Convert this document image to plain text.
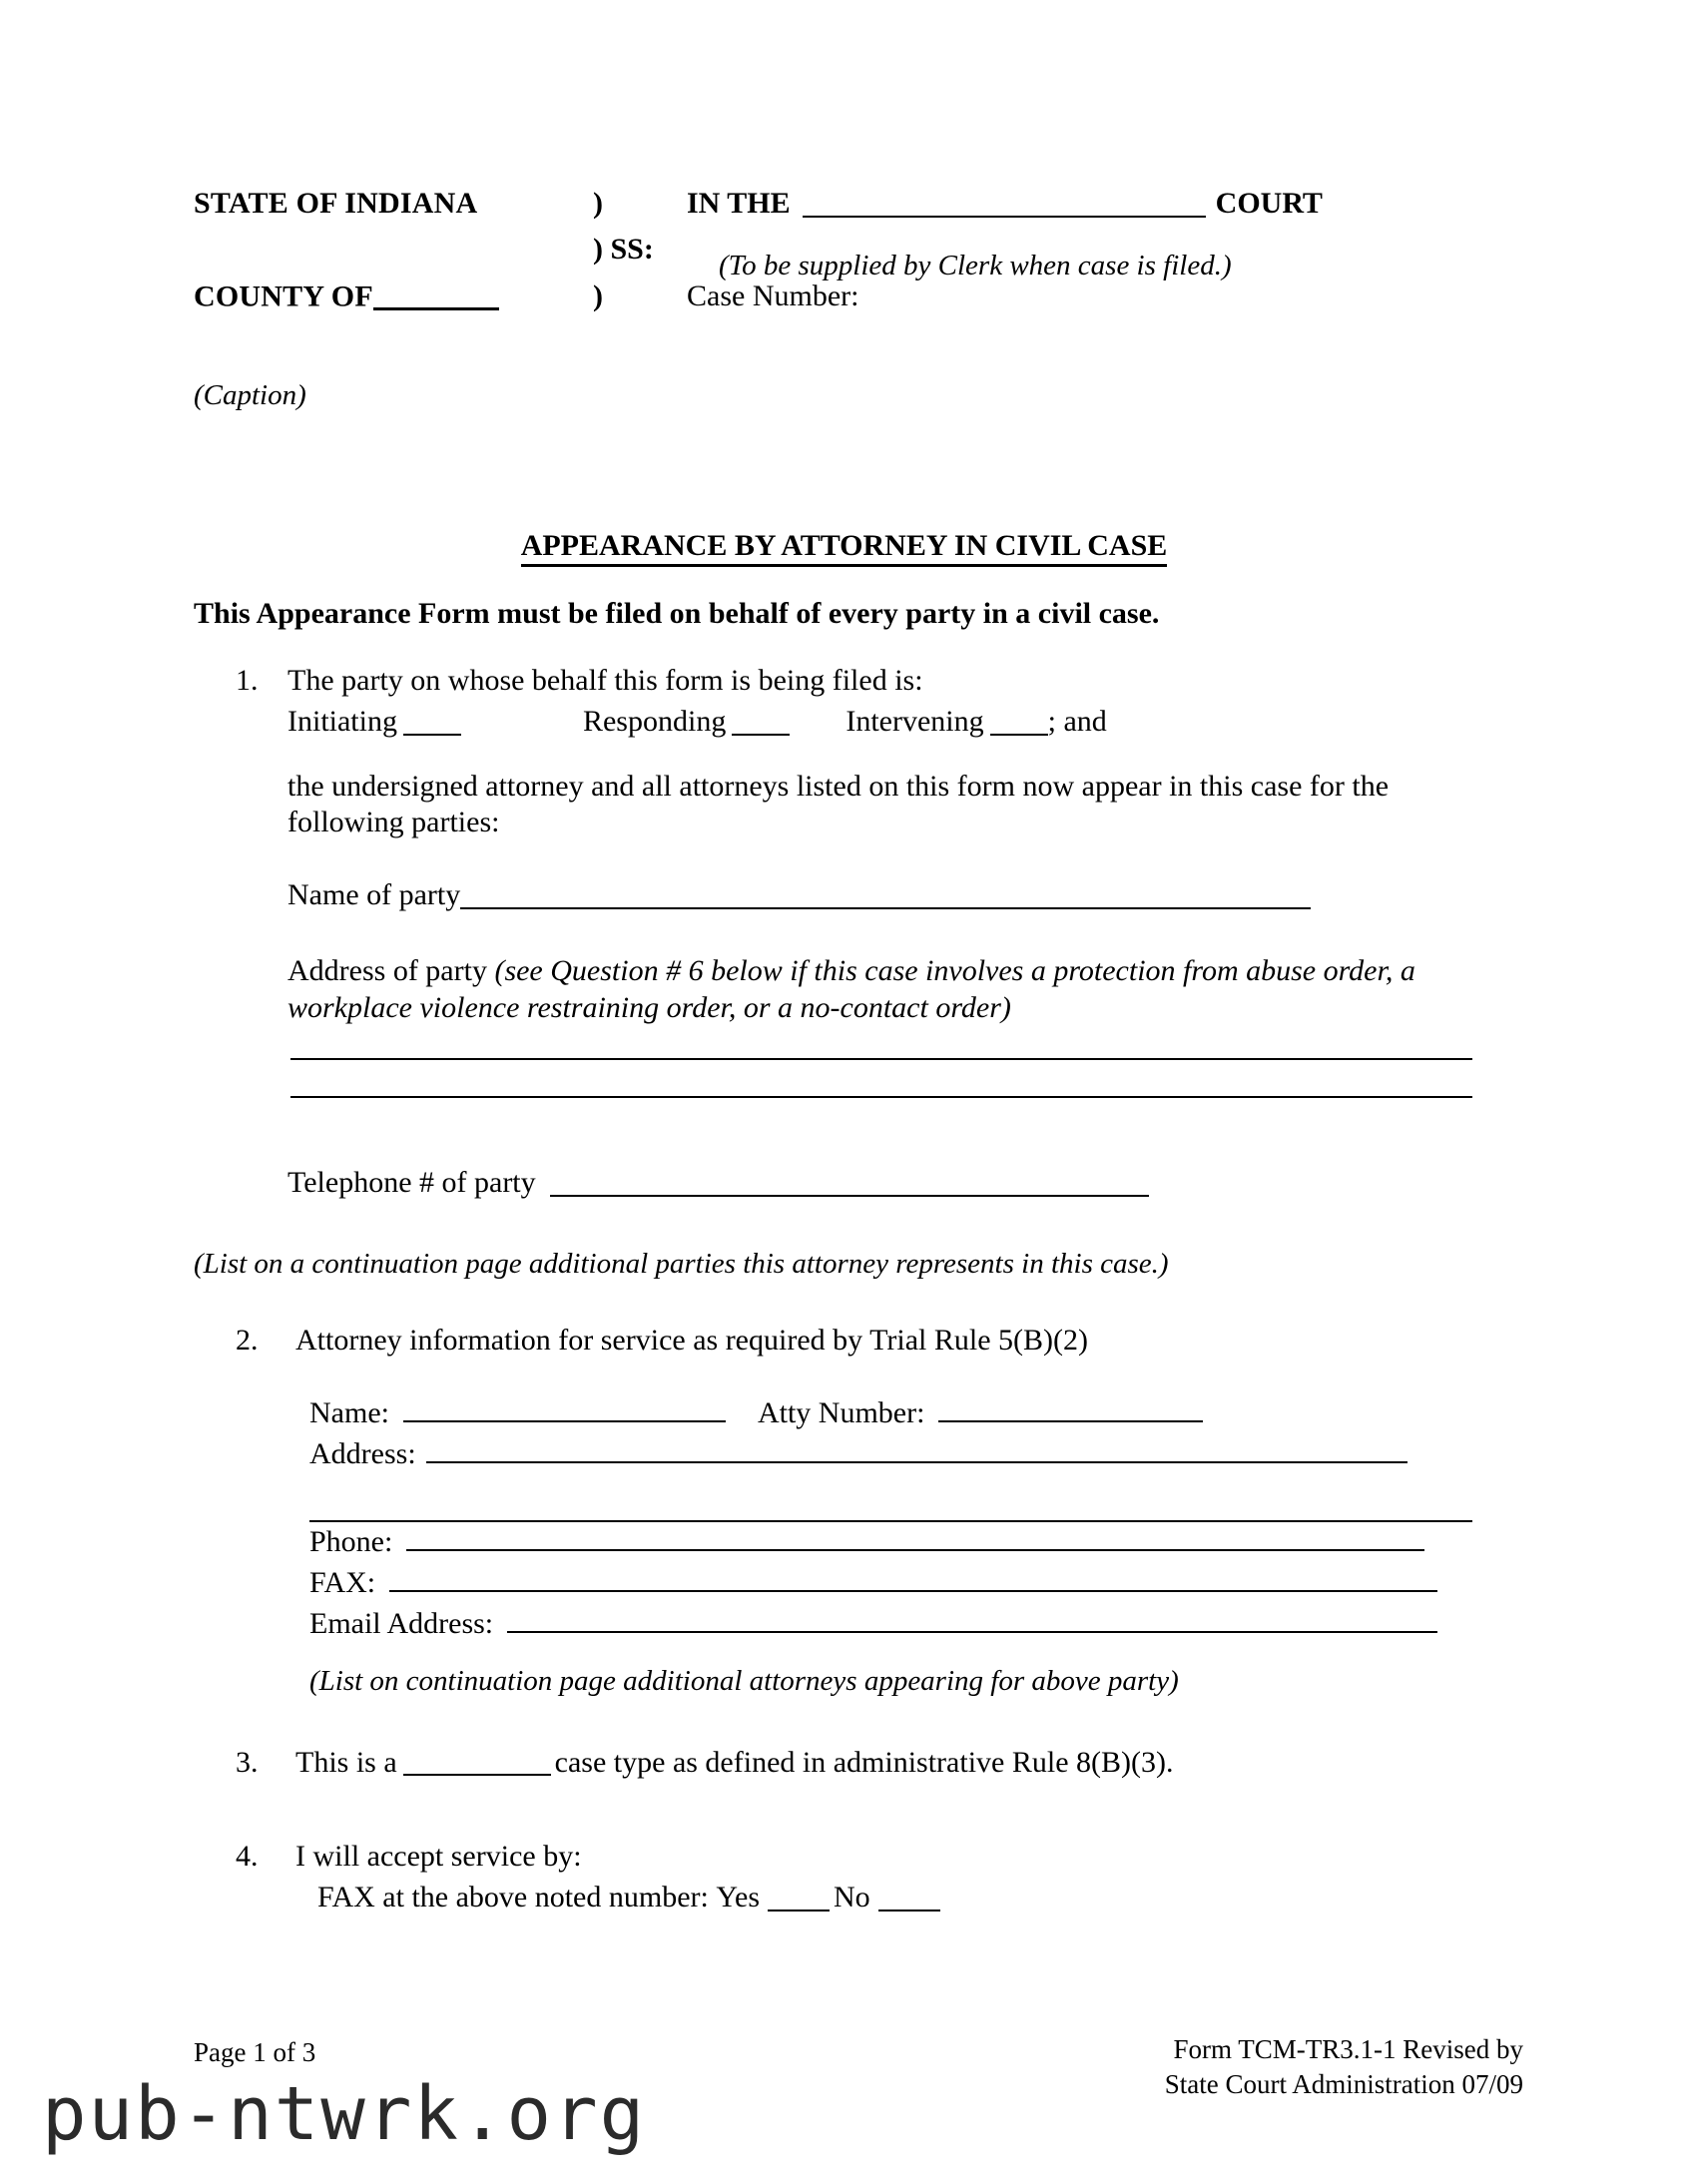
STATE OF INDIANA	)	IN THE	COURT
) SS:
COUNTY OF	)	Case Number:
(To be supplied by Clerk when case is filed.)
(Caption)
APPEARANCE BY ATTORNEY IN CIVIL CASE
This Appearance Form must be filed on behalf of every party in a civil case.
1. The party on whose behalf this form is being filed is:
Initiating	Responding	Intervening ; and
the undersigned attorney and all attorneys listed on this form now appear in this case for the following parties:
Name of party
Address of party (see Question # 6 below if this case involves a protection from abuse order, a workplace violence restraining order, or a no-contact order)
Telephone # of party
(List on a continuation page additional parties this attorney represents in this case.)
2.	Attorney information for service as required by Trial Rule 5(B)(2)
Name:	Atty Number:
Address:
Phone:
FAX:
Email Address:
(List on continuation page additional attorneys appearing for above party)
3.	This is a	case type as defined in administrative Rule 8(B)(3).
4.	I will accept service by:
FAX at the above noted number: Yes No
Page 1 of 3	Form TCM-TR3.1-1 Revised by
State Court Administration 07/09
pub-ntwrk.org
